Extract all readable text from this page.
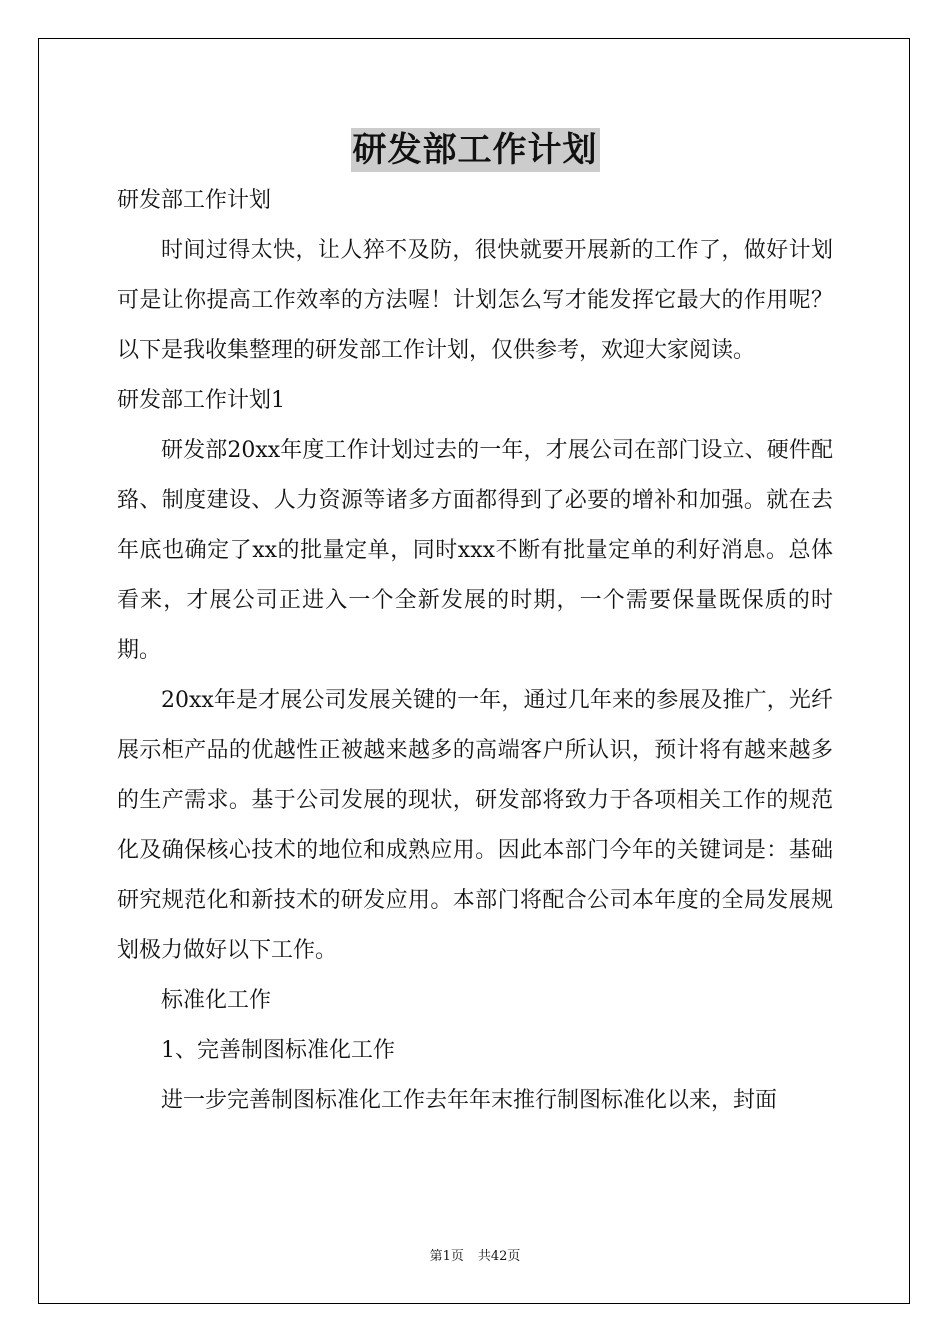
研发部工作计划

研发部工作计划

时间过得太快，让人猝不及防，很快就要开展新的工作了，做好计划可是让你提高工作效率的方法喔！计划怎么写才能发挥它最大的作用呢？以下是我收集整理的研发部工作计划，仅供参考，欢迎大家阅读。

研发部工作计划1

研发部20xx年度工作计划过去的一年，才展公司在部门设立、硬件配臵、制度建设、人力资源等诸多方面都得到了必要的增补和加强。就在去年底也确定了xx的批量定单，同时xxx不断有批量定单的利好消息。总体看来，才展公司正进入一个全新发展的时期，一个需要保量既保质的时期。

20xx年是才展公司发展关键的一年，通过几年来的参展及推广，光纤展示柜产品的优越性正被越来越多的高端客户所认识，预计将有越来越多的生产需求。基于公司发展的现状，研发部将致力于各项相关工作的规范化及确保核心技术的地位和成熟应用。因此本部门今年的关键词是：基础研究规范化和新技术的研发应用。本部门将配合公司本年度的全局发展规划极力做好以下工作。

标准化工作

1、完善制图标准化工作

进一步完善制图标准化工作去年年末推行制图标准化以来，封面

第1页 共42页
